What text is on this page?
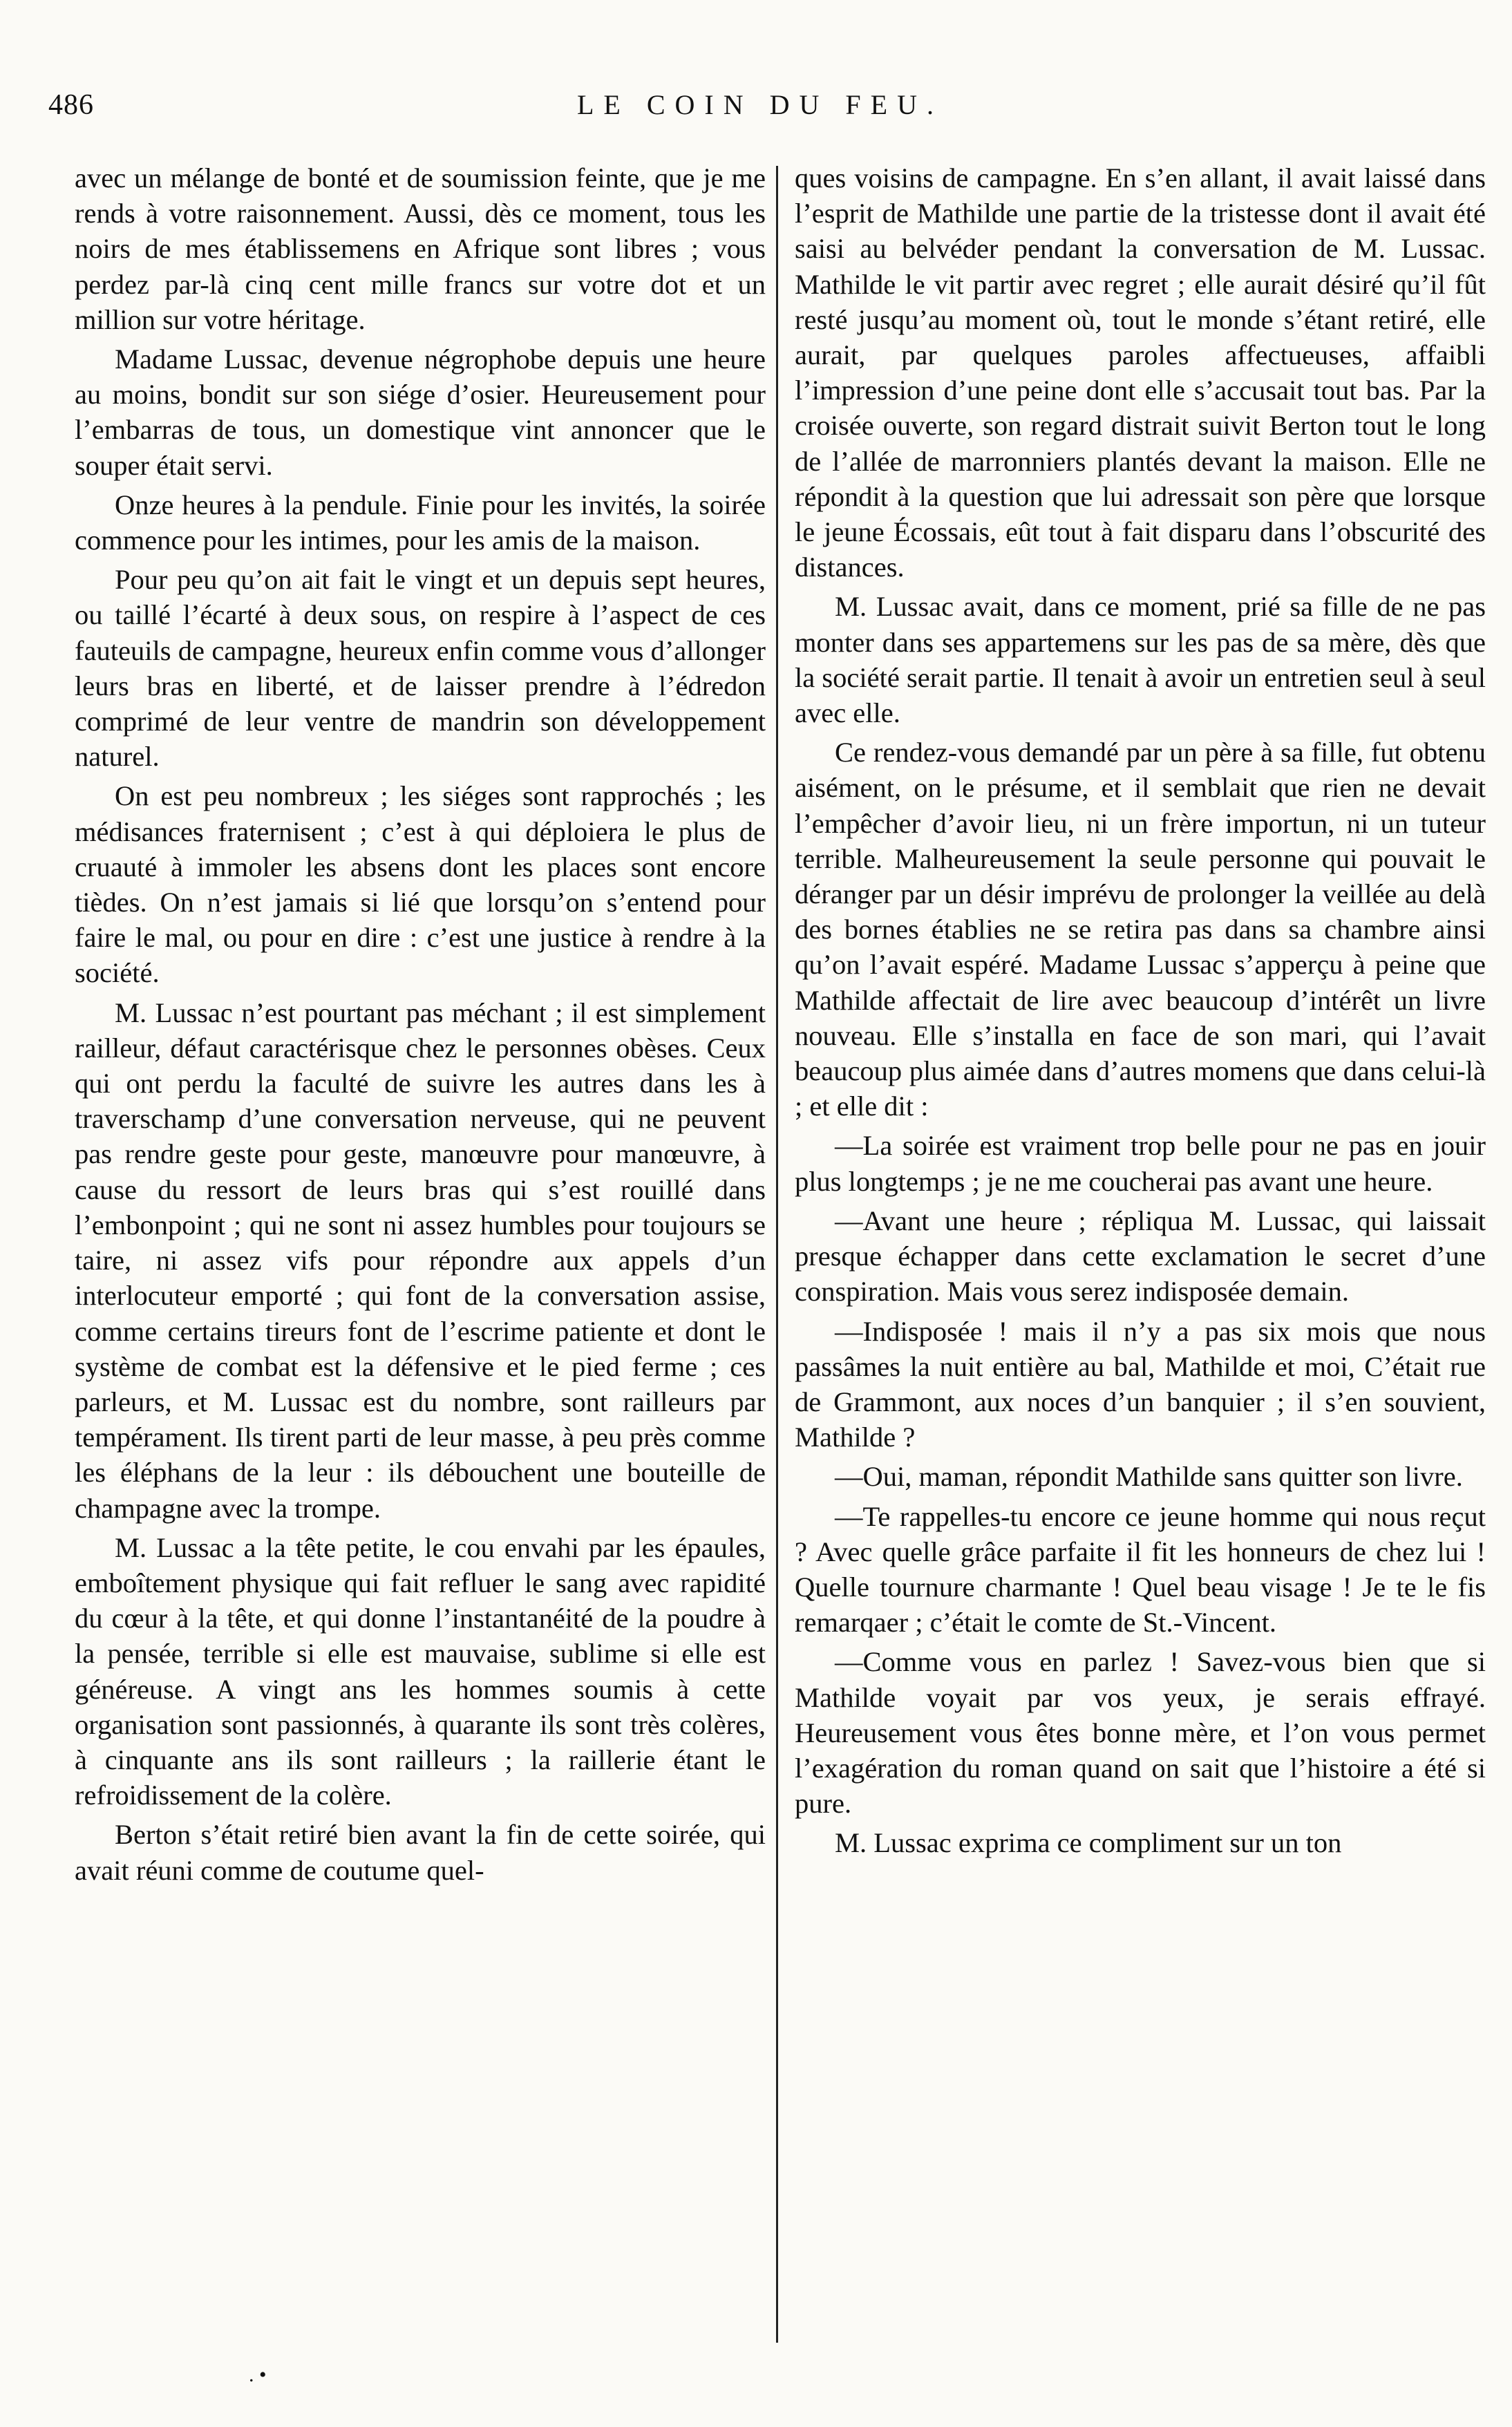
486	LE COIN DU FEU.

avec un mélange de bonté et de soumission feinte, que je me rends à votre raisonnement. Aussi, dès ce moment, tous les noirs de mes établissemens en Afrique sont libres ; vous perdez par-là cinq cent mille francs sur votre dot et un million sur votre héritage.

Madame Lussac, devenue négrophobe depuis une heure au moins, bondit sur son siége d’osier. Heureusement pour l’embarras de tous, un domestique vint annoncer que le souper était servi.

Onze heures à la pendule. Finie pour les invités, la soirée commence pour les intimes, pour les amis de la maison.

Pour peu qu’on ait fait le vingt et un depuis sept heures, ou taillé l’écarté à deux sous, on respire à l’aspect de ces fauteuils de campagne, heureux enfin comme vous d’allonger leurs bras en liberté, et de laisser prendre à l’édredon comprimé de leur ventre de mandrin son développement naturel.

On est peu nombreux ; les siéges sont rapprochés ; les médisances fraternisent ; c’est à qui déploiera le plus de cruauté à immoler les absens dont les places sont encore tièdes. On n’est jamais si lié que lorsqu’on s’entend pour faire le mal, ou pour en dire : c’est une justice à rendre à la société.

M. Lussac n’est pourtant pas méchant ; il est simplement railleur, défaut caractérisque chez le personnes obèses. Ceux qui ont perdu la faculté de suivre les autres dans les à traverschamp d’une conversation nerveuse, qui ne peuvent pas rendre geste pour geste, manœuvre pour manœuvre, à cause du ressort de leurs bras qui s’est rouillé dans l’embonpoint ; qui ne sont ni assez humbles pour toujours se taire, ni assez vifs pour répondre aux appels d’un interlocuteur emporté ; qui font de la conversation assise, comme certains tireurs font de l’escrime patiente et dont le système de combat est la défensive et le pied ferme ; ces parleurs, et M. Lussac est du nombre, sont railleurs par tempérament. Ils tirent parti de leur masse, à peu près comme les éléphans de la leur : ils débouchent une bouteille de champagne avec la trompe.

M. Lussac a la tête petite, le cou envahi par les épaules, emboîtement physique qui fait refluer le sang avec rapidité du cœur à la tête, et qui donne l’instantanéité de la poudre à la pensée, terrible si elle est mauvaise, sublime si elle est généreuse. A vingt ans les hommes soumis à cette organisation sont passionnés, à quarante ils sont très colères, à cinquante ans ils sont railleurs ; la raillerie étant le refroidissement de la colère.

Berton s’était retiré bien avant la fin de cette soirée, qui avait réuni comme de coutume quel-

ques voisins de campagne. En s’en allant, il avait laissé dans l’esprit de Mathilde une partie de la tristesse dont il avait été saisi au belvéder pendant la conversation de M. Lussac. Mathilde le vit partir avec regret ; elle aurait désiré qu’il fût resté jusqu’au moment où, tout le monde s’étant retiré, elle aurait, par quelques paroles affectueuses, affaibli l’impression d’une peine dont elle s’accusait tout bas. Par la croisée ouverte, son regard distrait suivit Berton tout le long de l’allée de marronniers plantés devant la maison. Elle ne répondit à la question que lui adressait son père que lorsque le jeune Écossais, eût tout à fait disparu dans l’obscurité des distances.

M. Lussac avait, dans ce moment, prié sa fille de ne pas monter dans ses appartemens sur les pas de sa mère, dès que la société serait partie. Il tenait à avoir un entretien seul à seul avec elle.

Ce rendez-vous demandé par un père à sa fille, fut obtenu aisément, on le présume, et il semblait que rien ne devait l’empêcher d’avoir lieu, ni un frère importun, ni un tuteur terrible. Malheureusement la seule personne qui pouvait le déranger par un désir imprévu de prolonger la veillée au delà des bornes établies ne se retira pas dans sa chambre ainsi qu’on l’avait espéré. Madame Lussac s’apperçu à peine que Mathilde affectait de lire avec beaucoup d’intérêt un livre nouveau. Elle s’installa en face de son mari, qui l’avait beaucoup plus aimée dans d’autres momens que dans celui-là ; et elle dit :

—La soirée est vraiment trop belle pour ne pas en jouir plus longtemps ; je ne me coucherai pas avant une heure.

—Avant une heure ; répliqua M. Lussac, qui laissait presque échapper dans cette exclamation le secret d’une conspiration. Mais vous serez indisposée demain.

—Indisposée ! mais il n’y a pas six mois que nous passâmes la nuit entière au bal, Mathilde et moi, C’était rue de Grammont, aux noces d’un banquier ; il s’en souvient, Mathilde ?

—Oui, maman, répondit Mathilde sans quitter son livre.

—Te rappelles-tu encore ce jeune homme qui nous reçut ? Avec quelle grâce parfaite il fit les honneurs de chez lui ! Quelle tournure charmante ! Quel beau visage ! Je te le fis remarqaer ; c’était le comte de St.-Vincent.

—Comme vous en parlez ! Savez-vous bien que si Mathilde voyait par vos yeux, je serais effrayé. Heureusement vous êtes bonne mère, et l’on vous permet l’exagération du roman quand on sait que l’histoire a été si pure.

M. Lussac exprima ce compliment sur un ton

. •
